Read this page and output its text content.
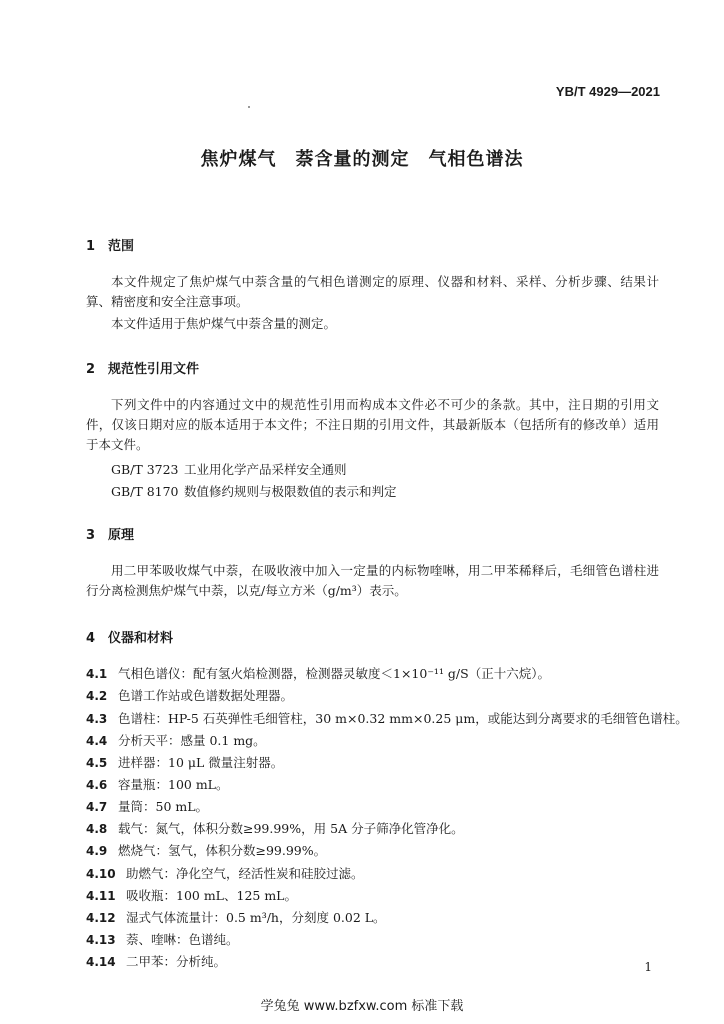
YB/T 4929—2021
焦炉煤气　萘含量的测定　气相色谱法
1 范围
本文件规定了焦炉煤气中萘含量的气相色谱测定的原理、仪器和材料、采样、分析步骤、结果计算、精密度和安全注意事项。
本文件适用于焦炉煤气中萘含量的测定。
2 规范性引用文件
下列文件中的内容通过文中的规范性引用而构成本文件必不可少的条款。其中，注日期的引用文件，仅该日期对应的版本适用于本文件；不注日期的引用文件，其最新版本（包括所有的修改单）适用于本文件。
GB/T 3723 工业用化学产品采样安全通则
GB/T 8170 数值修约规则与极限数值的表示和判定
3 原理
用二甲苯吸收煤气中萘，在吸收液中加入一定量的内标物喹啉，用二甲苯稀释后，毛细管色谱柱进行分离检测焦炉煤气中萘，以克/每立方米（g/m³）表示。
4 仪器和材料
4.1 气相色谱仪：配有氢火焰检测器，检测器灵敏度＜1×10⁻¹¹ g/S（正十六烷）。
4.2 色谱工作站或色谱数据处理器。
4.3 色谱柱：HP-5 石英弹性毛细管柱，30 m×0.32 mm×0.25 μm，或能达到分离要求的毛细管色谱柱。
4.4 分析天平：感量 0.1 mg。
4.5 进样器：10 μL 微量注射器。
4.6 容量瓶：100 mL。
4.7 量筒：50 mL。
4.8 载气：氮气，体积分数≥99.99%，用 5A 分子筛净化管净化。
4.9 燃烧气：氢气，体积分数≥99.99%。
4.10 助燃气：净化空气，经活性炭和硅胶过滤。
4.11 吸收瓶：100 mL、125 mL。
4.12 湿式气体流量计：0.5 m³/h，分刻度 0.02 L。
4.13 萘、喹啉：色谱纯。
4.14 二甲苯：分析纯。	1
学兔兔 www.bzfxw.com 标准下载
